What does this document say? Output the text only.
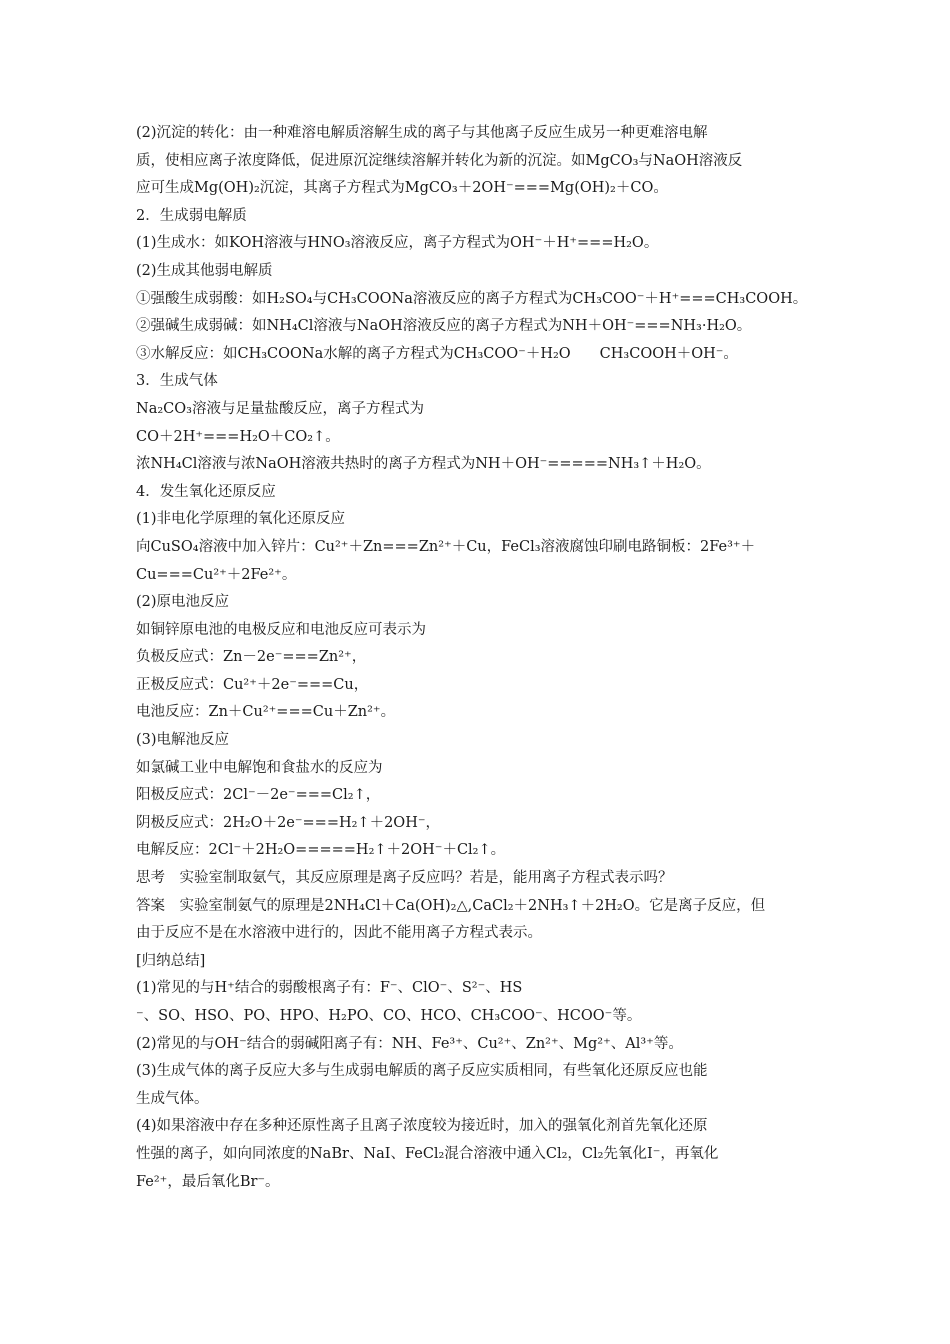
(2)沉淀的转化：由一种难溶电解质溶解生成的离子与其他离子反应生成另一种更难溶电解
质，使相应离子浓度降低，促进原沉淀继续溶解并转化为新的沉淀。如MgCO₃与NaOH溶液反
应可生成Mg(OH)₂沉淀，其离子方程式为MgCO₃＋2OH⁻===Mg(OH)₂＋CO。
2．生成弱电解质
(1)生成水：如KOH溶液与HNO₃溶液反应，离子方程式为OH⁻＋H⁺===H₂O。
(2)生成其他弱电解质
①强酸生成弱酸：如H₂SO₄与CH₃COONa溶液反应的离子方程式为CH₃COO⁻＋H⁺===CH₃COOH。
②强碱生成弱碱：如NH₄Cl溶液与NaOH溶液反应的离子方程式为NH＋OH⁻===NH₃·H₂O。
③水解反应：如CH₃COONa水解的离子方程式为CH₃COO⁻＋H₂O　　CH₃COOH＋OH⁻。
3．生成气体
Na₂CO₃溶液与足量盐酸反应，离子方程式为
CO＋2H⁺===H₂O＋CO₂↑。
浓NH₄Cl溶液与浓NaOH溶液共热时的离子方程式为NH＋OH⁻=====NH₃↑＋H₂O。
4．发生氧化还原反应
(1)非电化学原理的氧化还原反应
向CuSO₄溶液中加入锌片：Cu²⁺＋Zn===Zn²⁺＋Cu，FeCl₃溶液腐蚀印刷电路铜板：2Fe³⁺＋
Cu===Cu²⁺＋2Fe²⁺。
(2)原电池反应
如铜锌原电池的电极反应和电池反应可表示为
负极反应式：Zn－2e⁻===Zn²⁺，
正极反应式：Cu²⁺＋2e⁻===Cu，
电池反应：Zn＋Cu²⁺===Cu＋Zn²⁺。
(3)电解池反应
如氯碱工业中电解饱和食盐水的反应为
阳极反应式：2Cl⁻－2e⁻===Cl₂↑，
阴极反应式：2H₂O＋2e⁻===H₂↑＋2OH⁻，
电解反应：2Cl⁻＋2H₂O=====H₂↑＋2OH⁻＋Cl₂↑。
思考　实验室制取氨气，其反应原理是离子反应吗？若是，能用离子方程式表示吗？
答案　实验室制氨气的原理是2NH₄Cl＋Ca(OH)₂△,CaCl₂＋2NH₃↑＋2H₂O。它是离子反应，但
由于反应不是在水溶液中进行的，因此不能用离子方程式表示。
[归纳总结]
(1)常见的与H⁺结合的弱酸根离子有：F⁻、ClO⁻、S²⁻、HS
⁻、SO、HSO、PO、HPO、H₂PO、CO、HCO、CH₃COO⁻、HCOO⁻等。
(2)常见的与OH⁻结合的弱碱阳离子有：NH、Fe³⁺、Cu²⁺、Zn²⁺、Mg²⁺、Al³⁺等。
(3)生成气体的离子反应大多与生成弱电解质的离子反应实质相同，有些氧化还原反应也能
生成气体。
(4)如果溶液中存在多种还原性离子且离子浓度较为接近时，加入的强氧化剂首先氧化还原
性强的离子，如向同浓度的NaBr、NaI、FeCl₂混合溶液中通入Cl₂，Cl₂先氧化I⁻，再氧化
Fe²⁺，最后氧化Br⁻。
